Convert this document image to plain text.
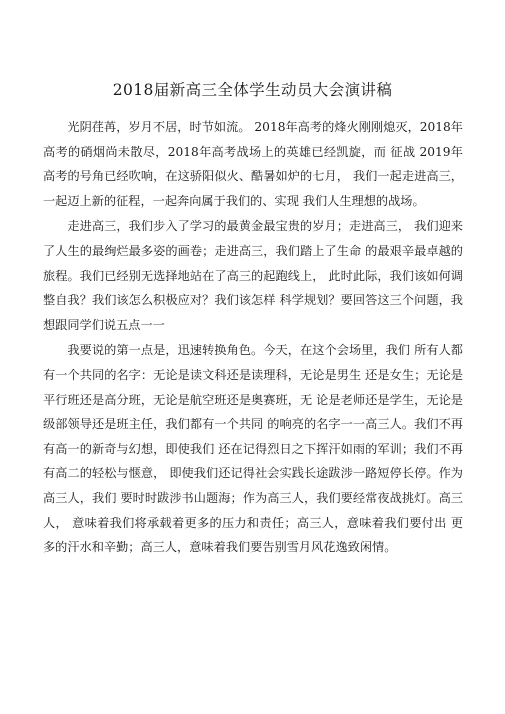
2018届新高三全体学生动员大会演讲稿

光阴荏苒，岁月不居，时节如流。 2018年高考的烽火刚刚熄灭，2018年高考的硝烟尚未散尽，2018年高考战场上的英雄已经凯旋，而 征战 2019年高考的号角已经吹响，在这骄阳似火、酷暑如炉的七月， 我们一起走进高三，一起迈上新的征程，一起奔向属于我们的、实现 我们人生理想的战场。

走进高三，我们步入了学习的最黄金最宝贵的岁月；走进高三， 我们迎来了人生的最绚烂最多姿的画卷；走进高三，我们踏上了生命 的最艰辛最卓越的旅程。我们已经别无选择地站在了高三的起跑线上， 此时此际，我们该如何调整自我？我们该怎么积极应对？我们该怎样 科学规划？要回答这三个问题，我想跟同学们说五点一一

我要说的第一点是，迅速转换角色。今天，在这个会场里，我们 所有人都有一个共同的名字：无论是读文科还是读理科，无论是男生 还是女生；无论是平行班还是高分班，无论是航空班还是奥赛班，无 论是老师还是学生，无论是级部领导还是班主任，我们都有一个共同 的响亮的名字一一高三人。我们不再有高一的新奇与幻想，即使我们 还在记得烈日之下挥汗如雨的军训；我们不再有高二的轻松与惬意， 即使我们还记得社会实践长途跋涉一路短停长停。作为高三人，我们 要时时跋涉书山题海；作为高三人，我们要经常夜战挑灯。高三人， 意味着我们将承载着更多的压力和责任；高三人，意味着我们要付出 更多的汗水和辛勤；高三人，意味着我们要告别雪月风花逸致闲情。
